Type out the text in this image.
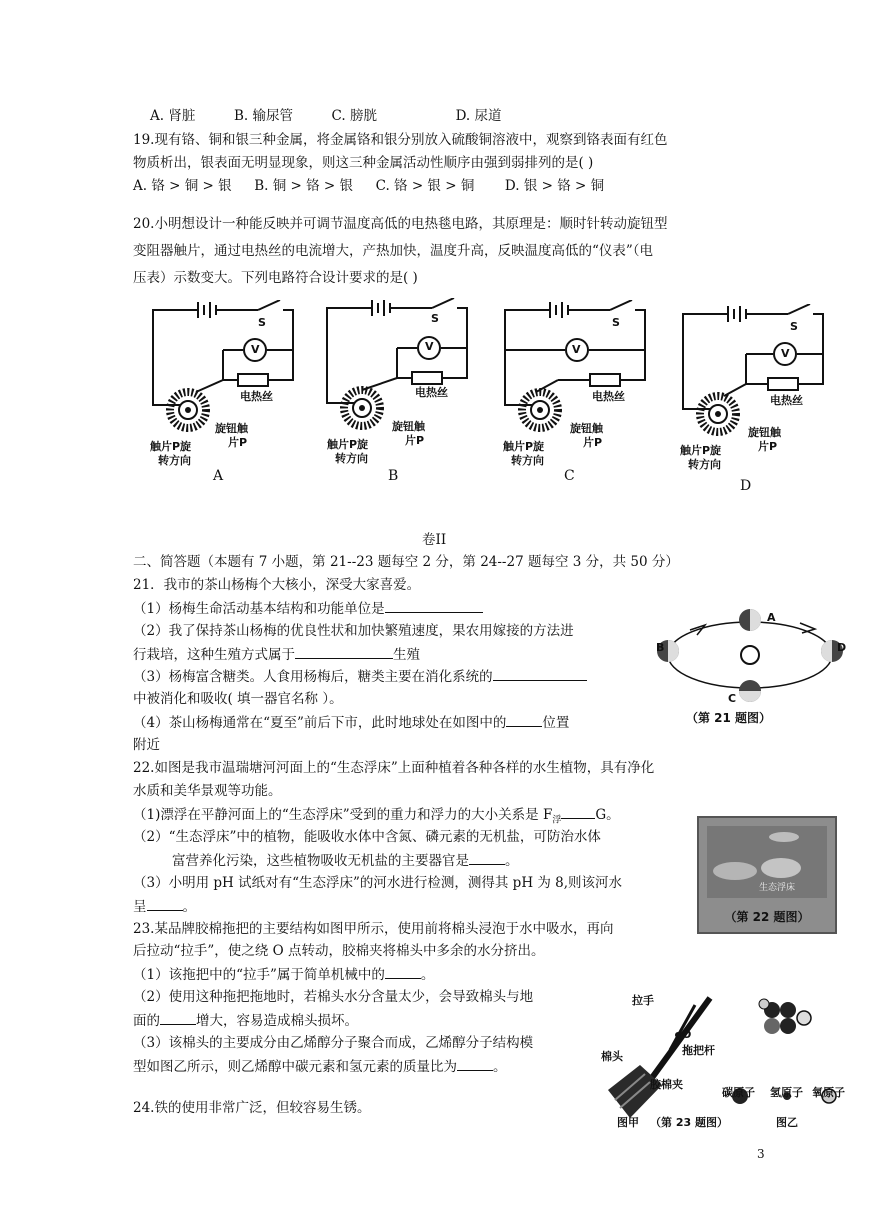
A. 肾脏	B. 输尿管	C. 膀胱	D. 尿道
19.现有铬、铜和银三种金属，将金属铬和银分别放入硫酸铜溶液中，观察到铬表面有红色
物质析出，银表面无明显现象，则这三种金属活动性顺序由强到弱排列的是( )
A. 铬 > 铜 > 银 B. 铜 > 铬 > 银 C. 铬 > 银 > 铜 D. 银 > 铬 > 铜
20.小明想设计一种能反映并可调节温度高低的电热毯电路，其原理是：顺时针转动旋钮型
变阻器触片，通过电热丝的电流增大，产热加快，温度升高，反映温度高低的“仪表”（电
压表）示数变大。下列电路符合设计要求的是( )
S
V
电热丝
旋钮触
片P
触片P旋
转方向
A
S
V
电热丝
旋钮触
片P
触片P旋
转方向
B
S
V
电热丝
旋钮触
片P
触片P旋
转方向
C
S
V
电热丝
旋钮触
片P
触片P旋
转方向
D
卷II
二、简答题（本题有 7 小题，第 21--23 题每空 2 分，第 24--27 题每空 3 分，共 50 分）
21．我市的茶山杨梅个大核小，深受大家喜爱。
（1）杨梅生命活动基本结构和功能单位是
（2）我了保持茶山杨梅的优良性状和加快繁殖速度，果农用嫁接的方法进
行栽培，这种生殖方式属于	生殖
（3）杨梅富含糖类。人食用杨梅后，糖类主要在消化系统的
中被消化和吸收( 填一器官名称 ）。
（4）茶山杨梅通常在“夏至”前后下市，此时地球处在如图中的	位置
附近
A
B
C
D
（第 21 题图）
22.如图是我市温瑞塘河河面上的“生态浮床”上面种植着各种各样的水生植物，具有净化
水质和美华景观等功能。
（1)漂浮在平静河面上的“生态浮床”受到的重力和浮力的大小关系是 $F_浮$	G。
（2）“生态浮床”中的植物，能吸收水体中含氮、磷元素的无机盐，可防治水体
富营养化污染，这些植物吸收无机盐的主要器官是	。
（3）小明用 pH 试纸对有“生态浮床”的河水进行检测，测得其 pH 为 8,则该河水
呈	。
生态浮床
（第 22 题图）
23.某品牌胶棉拖把的主要结构如图甲所示，使用前将棉头浸泡于水中吸水，再向
后拉动“拉手”，使之绕 O 点转动，胶棉夹将棉头中多余的水分挤出。
（1）该拖把中的“拉手”属于简单机械中的	。
（2）使用这种拖把拖地时，若棉头水分含量太少，会导致棉头与地
面的	增大，容易造成棉头损坏。
（3）该棉头的主要成分由乙烯醇分子聚合而成，乙烯醇分子结构模
型如图乙所示，则乙烯醇中碳元素和氢元素的质量比为	。
拉手
O
拖把杆
棉头
胶棉夹
碳原子 氢原子 氧原子
图甲 （第 23 题图）	图乙
24.铁的使用非常广泛，但较容易生锈。
3
